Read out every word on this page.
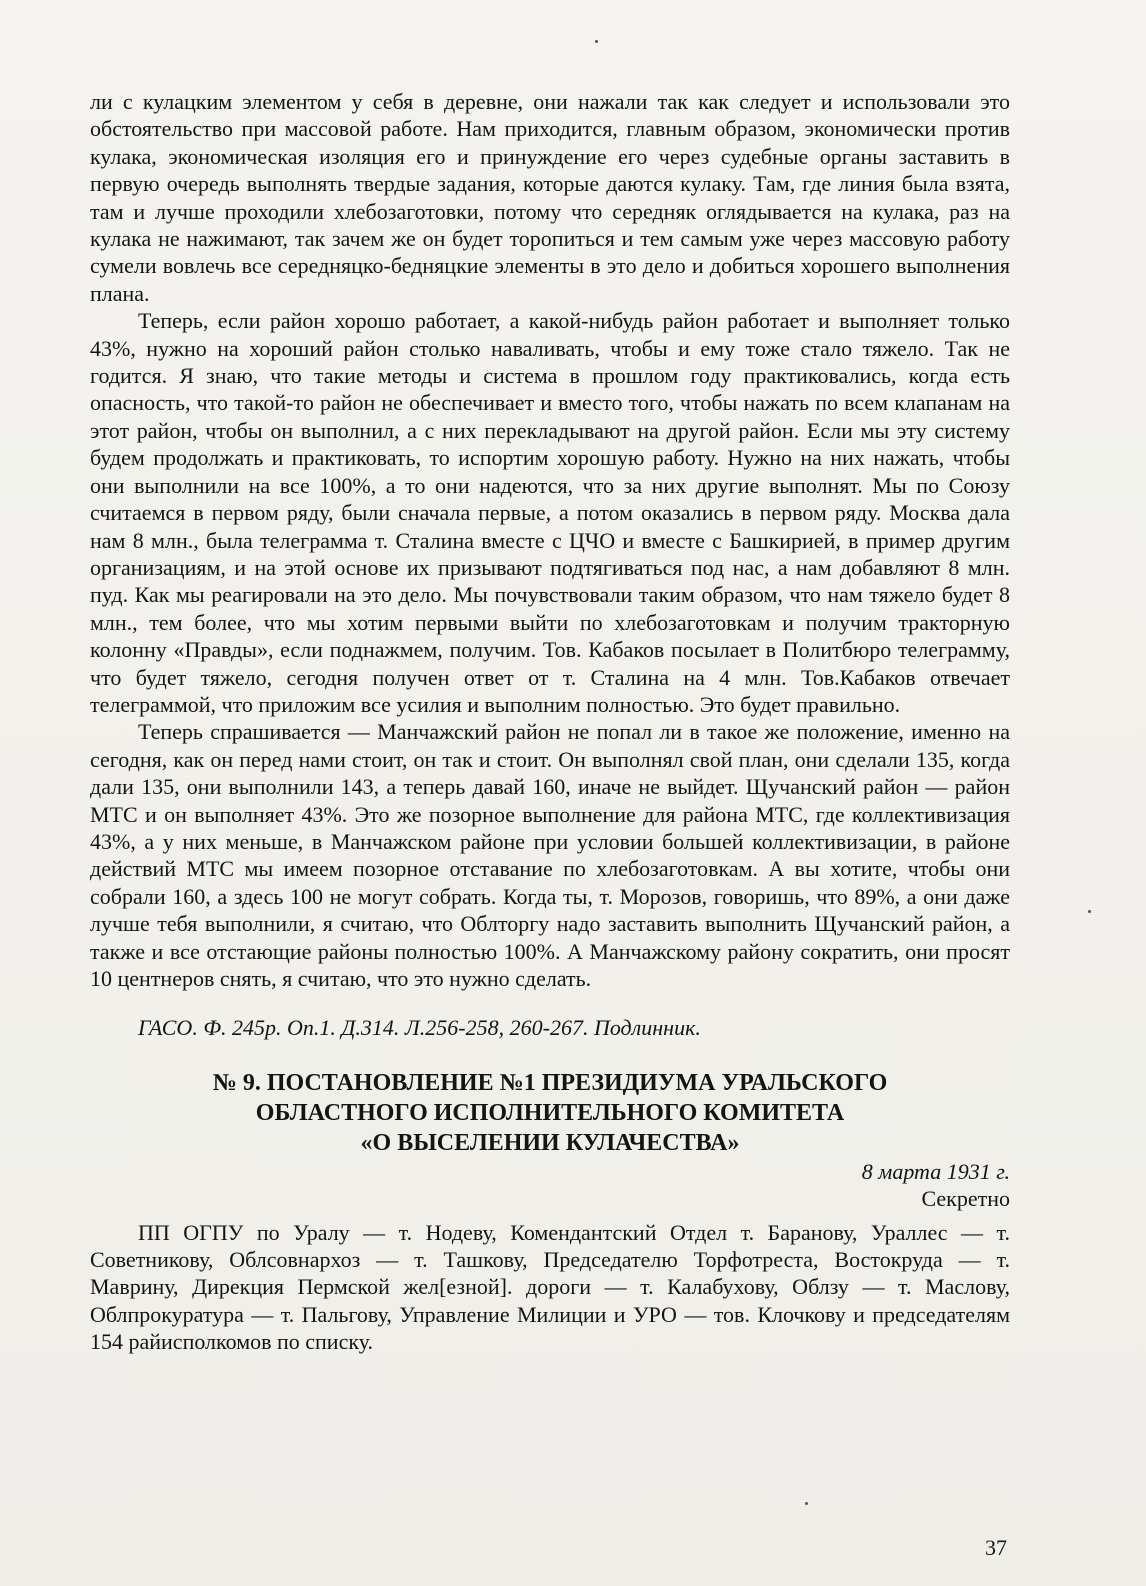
ли с кулацким элементом у себя в деревне, они нажали так как следует и использовали это обстоятельство при массовой работе. Нам приходится, главным образом, экономически против кулака, экономическая изоляция его и принуждение его через судебные органы заставить в первую очередь выполнять твердые задания, которые даются кулаку. Там, где линия была взята, там и лучше проходили хлебозаготовки, потому что середняк оглядывается на кулака, раз на кулака не нажимают, так зачем же он будет торопиться и тем самым уже через массовую работу сумели вовлечь все середняцко-бедняцкие элементы в это дело и добиться хорошего выполнения плана.

Теперь, если район хорошо работает, а какой-нибудь район работает и выполняет только 43%, нужно на хороший район столько наваливать, чтобы и ему тоже стало тяжело. Так не годится. Я знаю, что такие методы и система в прошлом году практиковались, когда есть опасность, что такой-то район не обеспечивает и вместо того, чтобы нажать по всем клапанам на этот район, чтобы он выполнил, а с них перекладывают на другой район. Если мы эту систему будем продолжать и практиковать, то испортим хорошую работу. Нужно на них нажать, чтобы они выполнили на все 100%, а то они надеются, что за них другие выполнят. Мы по Союзу считаемся в первом ряду, были сначала первые, а потом оказались в первом ряду. Москва дала нам 8 млн., была телеграмма т. Сталина вместе с ЦЧО и вместе с Башкирией, в пример другим организациям, и на этой основе их призывают подтягиваться под нас, а нам добавляют 8 млн. пуд. Как мы реагировали на это дело. Мы почувствовали таким образом, что нам тяжело будет 8 млн., тем более, что мы хотим первыми выйти по хлебозаготовкам и получим тракторную колонну «Правды», если поднажмем, получим. Тов. Кабаков посылает в Политбюро телеграмму, что будет тяжело, сегодня получен ответ от т. Сталина на 4 млн. Тов.Кабаков отвечает телеграммой, что приложим все усилия и выполним полностью. Это будет правильно.

Теперь спрашивается — Манчажский район не попал ли в такое же положение, именно на сегодня, как он перед нами стоит, он так и стоит. Он выполнял свой план, они сделали 135, когда дали 135, они выполнили 143, а теперь давай 160, иначе не выйдет. Щучанский район — район МТС и он выполняет 43%. Это же позорное выполнение для района МТС, где коллективизация 43%, а у них меньше, в Манчажском районе при условии большей коллективизации, в районе действий МТС мы имеем позорное отставание по хлебозаготовкам. А вы хотите, чтобы они собрали 160, а здесь 100 не могут собрать. Когда ты, т. Морозов, говоришь, что 89%, а они даже лучше тебя выполнили, я считаю, что Облторгу надо заставить выполнить Щучанский район, а также и все отстающие районы полностью 100%. А Манчажскому району сократить, они просят 10 центнеров снять, я считаю, что это нужно сделать.

ГАСО. Ф. 245р. Оп.1. Д.314. Л.256-258, 260-267. Подлинник.

№ 9. ПОСТАНОВЛЕНИЕ №1 ПРЕЗИДИУМА УРАЛЬСКОГО
ОБЛАСТНОГО ИСПОЛНИТЕЛЬНОГО КОМИТЕТА
«О ВЫСЕЛЕНИИ КУЛАЧЕСТВА»

8 марта 1931 г.

Секретно

ПП ОГПУ по Уралу — т. Нодеву, Комендантский Отдел т. Баранову, Ураллес — т. Советникову, Облсовнархоз — т. Ташкову, Председателю Торфотреста, Востокруда — т. Маврину, Дирекция Пермской жел[езной]. дороги — т. Калабухову, Облзу — т. Маслову, Облпрокуратура — т. Пальгову, Управление Милиции и УРО — тов. Клочкову и председателям 154 райисполкомов по списку.

37
